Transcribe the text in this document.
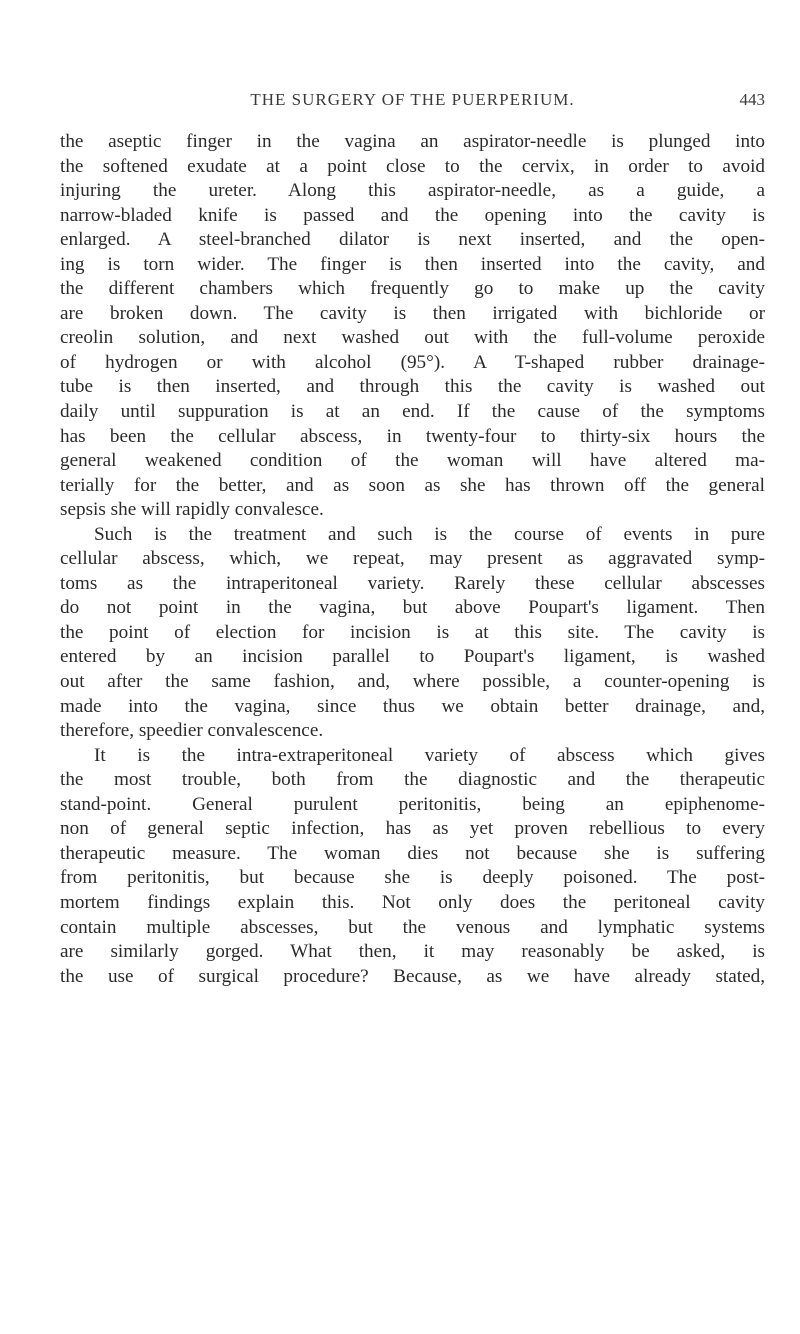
THE SURGERY OF THE PUERPERIUM.	443
the aseptic finger in the vagina an aspirator-needle is plunged into
the softened exudate at a point close to the cervix, in order to avoid
injuring the ureter. Along this aspirator-needle, as a guide, a
narrow-bladed knife is passed and the opening into the cavity is
enlarged. A steel-branched dilator is next inserted, and the open-
ing is torn wider. The finger is then inserted into the cavity, and
the different chambers which frequently go to make up the cavity
are broken down. The cavity is then irrigated with bichloride or
creolin solution, and next washed out with the full-volume peroxide
of hydrogen or with alcohol (95°). A T-shaped rubber drainage-
tube is then inserted, and through this the cavity is washed out
daily until suppuration is at an end. If the cause of the symptoms
has been the cellular abscess, in twenty-four to thirty-six hours the
general weakened condition of the woman will have altered ma-
terially for the better, and as soon as she has thrown off the general
sepsis she will rapidly convalesce.
Such is the treatment and such is the course of events in pure
cellular abscess, which, we repeat, may present as aggravated symp-
toms as the intraperitoneal variety. Rarely these cellular abscesses
do not point in the vagina, but above Poupart's ligament. Then
the point of election for incision is at this site. The cavity is
entered by an incision parallel to Poupart's ligament, is washed
out after the same fashion, and, where possible, a counter-opening is
made into the vagina, since thus we obtain better drainage, and,
therefore, speedier convalescence.
It is the intra-extraperitoneal variety of abscess which gives
the most trouble, both from the diagnostic and the therapeutic
stand-point. General purulent peritonitis, being an epiphenome-
non of general septic infection, has as yet proven rebellious to every
therapeutic measure. The woman dies not because she is suffering
from peritonitis, but because she is deeply poisoned. The post-
mortem findings explain this. Not only does the peritoneal cavity
contain multiple abscesses, but the venous and lymphatic systems
are similarly gorged. What then, it may reasonably be asked, is
the use of surgical procedure? Because, as we have already stated,
